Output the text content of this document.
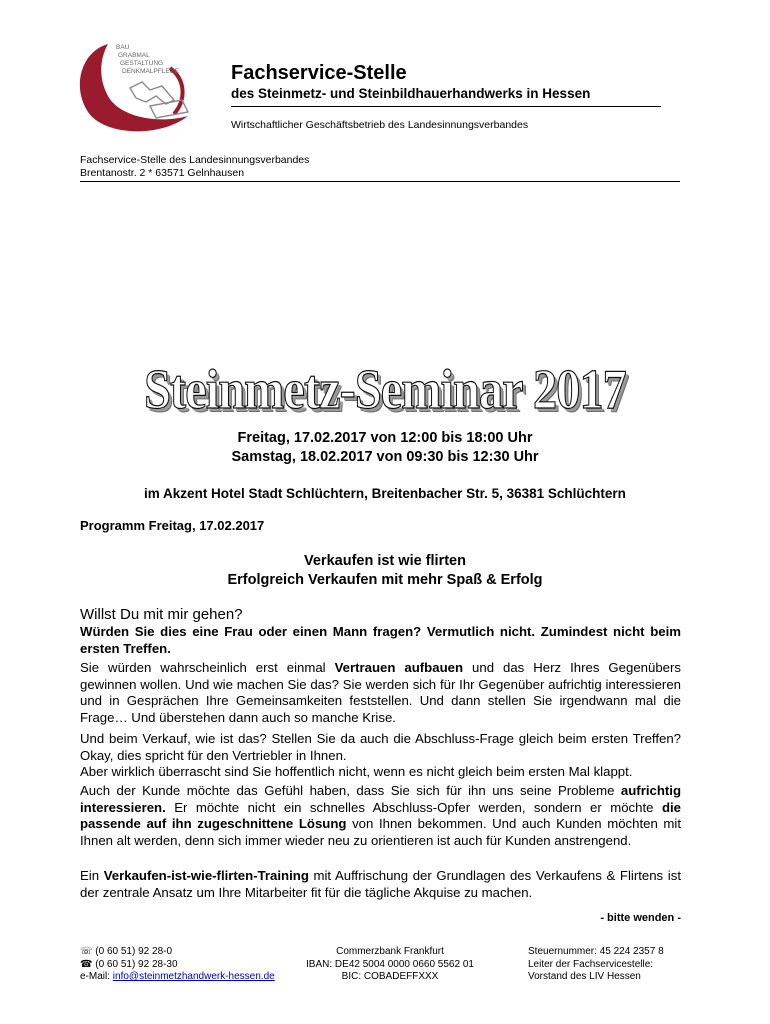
BAU
GRABMAL
GESTALTUNG
DENKMALPFLEGE	Fachservice-Stelle
des Steinmetz- und Steinbildhauerhandwerks in Hessen
Wirtschaftlicher Geschäftsbetrieb des Landesinnungsverbandes
Fachservice-Stelle des Landesinnungsverbandes
Brentanostr. 2 * 63571 Gelnhausen
Steinmetz-Seminar 2017
Freitag, 17.02.2017 von 12:00 bis 18:00 Uhr
Samstag, 18.02.2017 von 09:30 bis 12:30 Uhr
im Akzent Hotel Stadt Schlüchtern, Breitenbacher Str. 5, 36381 Schlüchtern
Programm Freitag, 17.02.2017
Verkaufen ist wie flirten
Erfolgreich Verkaufen mit mehr Spaß & Erfolg
Willst Du mit mir gehen?
Würden Sie dies eine Frau oder einen Mann fragen? Vermutlich nicht. Zumindest nicht beim ersten Treffen.
Sie würden wahrscheinlich erst einmal Vertrauen aufbauen und das Herz Ihres Gegenübers gewinnen wollen. Und wie machen Sie das? Sie werden sich für Ihr Gegenüber aufrichtig interessieren und in Gesprächen Ihre Gemeinsamkeiten feststellen. Und dann stellen Sie irgendwann mal die Frage… Und überstehen dann auch so manche Krise.
Und beim Verkauf, wie ist das? Stellen Sie da auch die Abschluss-Frage gleich beim ersten Treffen? Okay, dies spricht für den Vertriebler in Ihnen.
Aber wirklich überrascht sind Sie hoffentlich nicht, wenn es nicht gleich beim ersten Mal klappt.
Auch der Kunde möchte das Gefühl haben, dass Sie sich für ihn uns seine Probleme aufrichtig interessieren. Er möchte nicht ein schnelles Abschluss-Opfer werden, sondern er möchte die passende auf ihn zugeschnittene Lösung von Ihnen bekommen. Und auch Kunden möchten mit Ihnen alt werden, denn sich immer wieder neu zu orientieren ist auch für Kunden anstrengend.
Ein Verkaufen-ist-wie-flirten-Training mit Auffrischung der Grundlagen des Verkaufens & Flirtens ist der zentrale Ansatz um Ihre Mitarbeiter fit für die tägliche Akquise zu machen.
- bitte wenden -
☏ (0 60 51) 92 28-0
☎ (0 60 51) 92 28-30
e-Mail: info@steinmetzhandwerk-hessen.de
Commerzbank Frankfurt
IBAN: DE42 5004 0000 0660 5562 01
BIC: COBADEFFXXX
Steuernummer: 45 224 2357 8
Leiter der Fachservicestelle:
Vorstand des LIV Hessen
